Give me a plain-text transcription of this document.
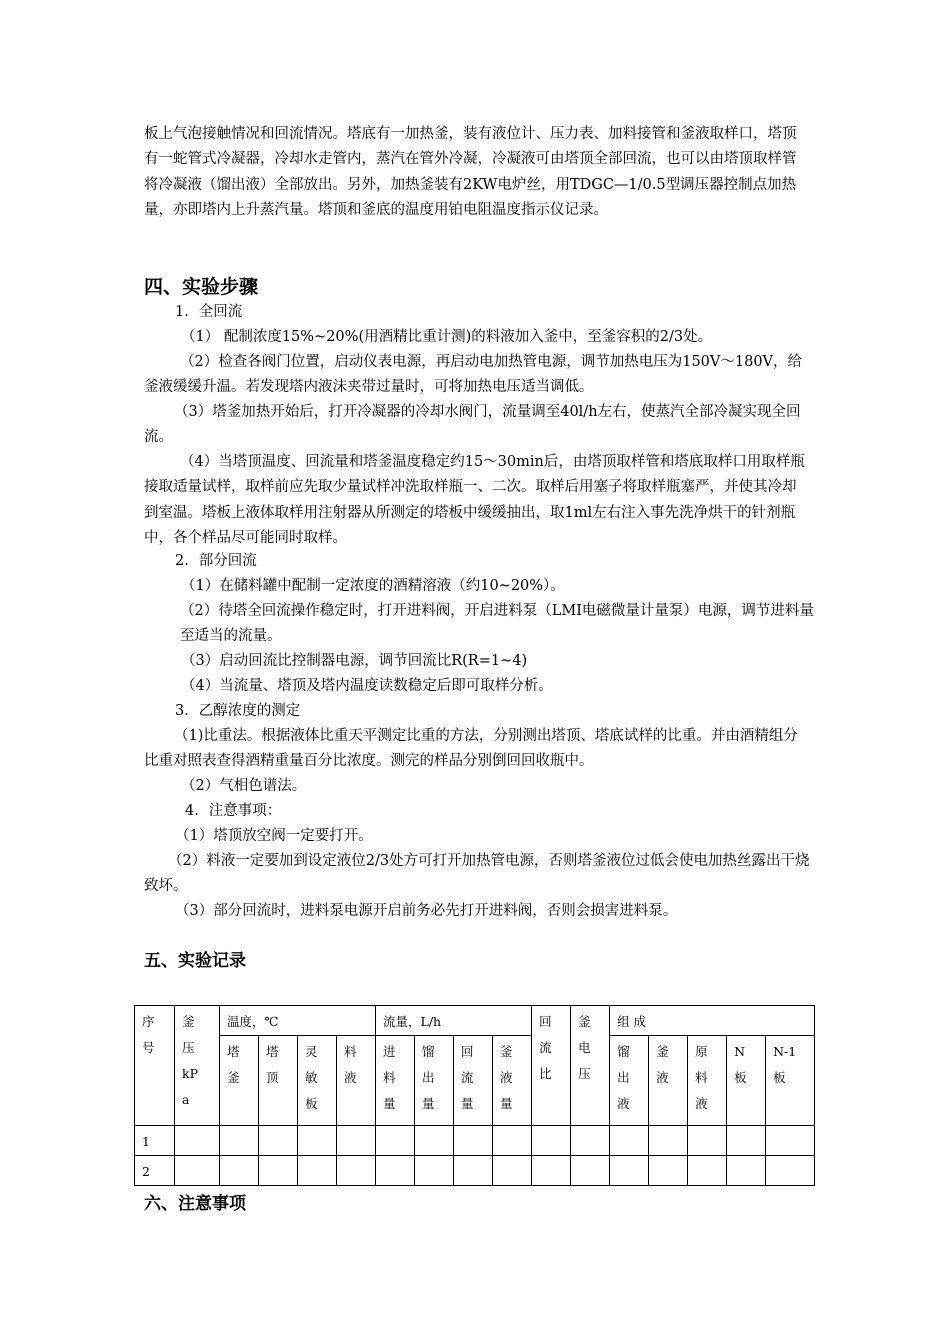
板上气泡接触情况和回流情况。塔底有一加热釜，装有液位计、压力表、加料接管和釜液取样口，塔顶有一蛇管式冷凝器，冷却水走管内，蒸汽在管外冷凝，冷凝液可由塔顶全部回流，也可以由塔顶取样管将冷凝液（馏出液）全部放出。另外，加热釜装有2KW电炉丝，用TDGC—1/0.5型调压器控制点加热量，亦即塔内上升蒸汽量。塔顶和釜底的温度用铂电阻温度指示仪记录。
四、实验步骤
1．全回流
（1） 配制浓度15%~20%(用酒精比重计测)的料液加入釜中，至釜容积的2/3处。
（2）检查各阀门位置，启动仪表电源，再启动电加热管电源，调节加热电压为150V～180V，给釜液缓缓升温。若发现塔内液沫夹带过量时，可将加热电压适当调低。
（3）塔釜加热开始后，打开冷凝器的冷却水阀门，流量调至40l/h左右，使蒸汽全部冷凝实现全回流。
（4）当塔顶温度、回流量和塔釜温度稳定约15～30min后，由塔顶取样管和塔底取样口用取样瓶接取适量试样，取样前应先取少量试样冲洗取样瓶一、二次。取样后用塞子将取样瓶塞严，并使其冷却到室温。塔板上液体取样用注射器从所测定的塔板中缓缓抽出，取1ml左右注入事先洗净烘干的针剂瓶中，各个样品尽可能同时取样。
2．部分回流
（1）在储料罐中配制一定浓度的酒精溶液（约10~20%）。
（2）待塔全回流操作稳定时，打开进料阀，开启进料泵（LMI电磁微量计量泵）电源，调节进料量至适当的流量。
（3）启动回流比控制器电源，调节回流比R(R=1~4)
（4）当流量、塔顶及塔内温度读数稳定后即可取样分析。
3．乙醇浓度的测定
（1)比重法。根据液体比重天平测定比重的方法，分别测出塔顶、塔底试样的比重。并由酒精组分比重对照表查得酒精重量百分比浓度。测完的样品分别倒回回收瓶中。
（2）气相色谱法。
4．注意事项：
（1）塔顶放空阀一定要打开。
（2）料液一定要加到设定液位2/3处方可打开加热管电源，否则塔釜液位过低会使电加热丝露出干烧致坏。
（3）部分回流时，进料泵电源开启前务必先打开进料阀，否则会损害进料泵。
五、实验记录
序号	釜压kPa	温度，℃				流量，L/h				回流比	釜电压	组 成				

		塔釜	塔顶	灵敏板	料液	进料量	馏出量	回流量	釜液量			馏出液	釜液	原料液	N板	N-1板

1																
2																
六、注意事项
